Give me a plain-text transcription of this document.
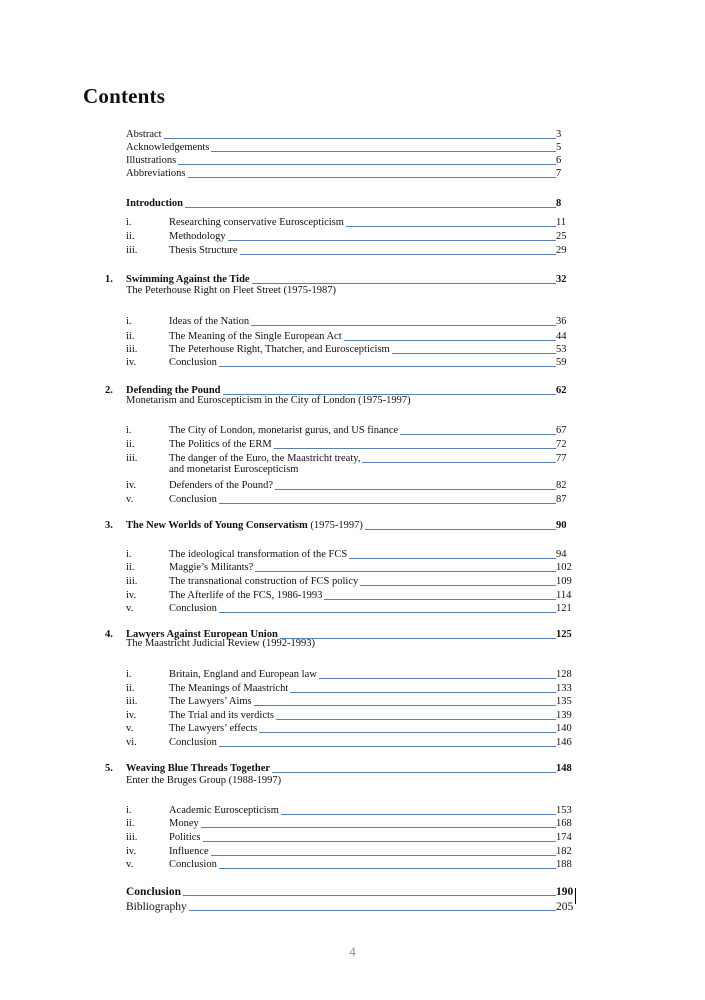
Contents
Abstract	3
Acknowledgements	5
Illustrations	6
Abbreviations	7
Introduction	8
i.	Researching conservative Euroscepticism	11
ii.	Methodology	25
iii.	Thesis Structure	29
1. Swimming Against the Tide	32
The Peterhouse Right on Fleet Street (1975-1987)
i.	Ideas of the Nation	36
ii.	The Meaning of the Single European Act	44
iii.	The Peterhouse Right, Thatcher, and Euroscepticism	53
iv.	Conclusion	59
2. Defending the Pound	62
Monetarism and Euroscepticism in the City of London (1975-1997)
i.	The City of London, monetarist gurus, and US finance	67
ii.	The Politics of the ERM	72
iii.	The danger of the Euro, the Maastricht treaty,	77
and monetarist Euroscepticism
iv.	Defenders of the Pound?	82
v.	Conclusion	87
3. The New Worlds of Young Conservatism (1975-1997)	90
i.	The ideological transformation of the FCS	94
ii.	Maggie’s Militants?	102
iii.	The transnational construction of FCS policy	109
iv.	The Afterlife of the FCS, 1986-1993	114
v.	Conclusion	121
4. Lawyers Against European Union	125
The Maastricht Judicial Review (1992-1993)
i.	Britain, England and European law	128
ii.	The Meanings of Maastricht	133
iii.	The Lawyers’ Aims	135
iv.	The Trial and its verdicts	139
v.	The Lawyers’ effects	140
vi.	Conclusion	146
5. Weaving Blue Threads Together	148
Enter the Bruges Group (1988-1997)
i.	Academic Euroscepticism	153
ii.	Money	168
iii.	Politics	174
iv.	Influence	182
v.	Conclusion	188
Conclusion	190
Bibliography	205
4
